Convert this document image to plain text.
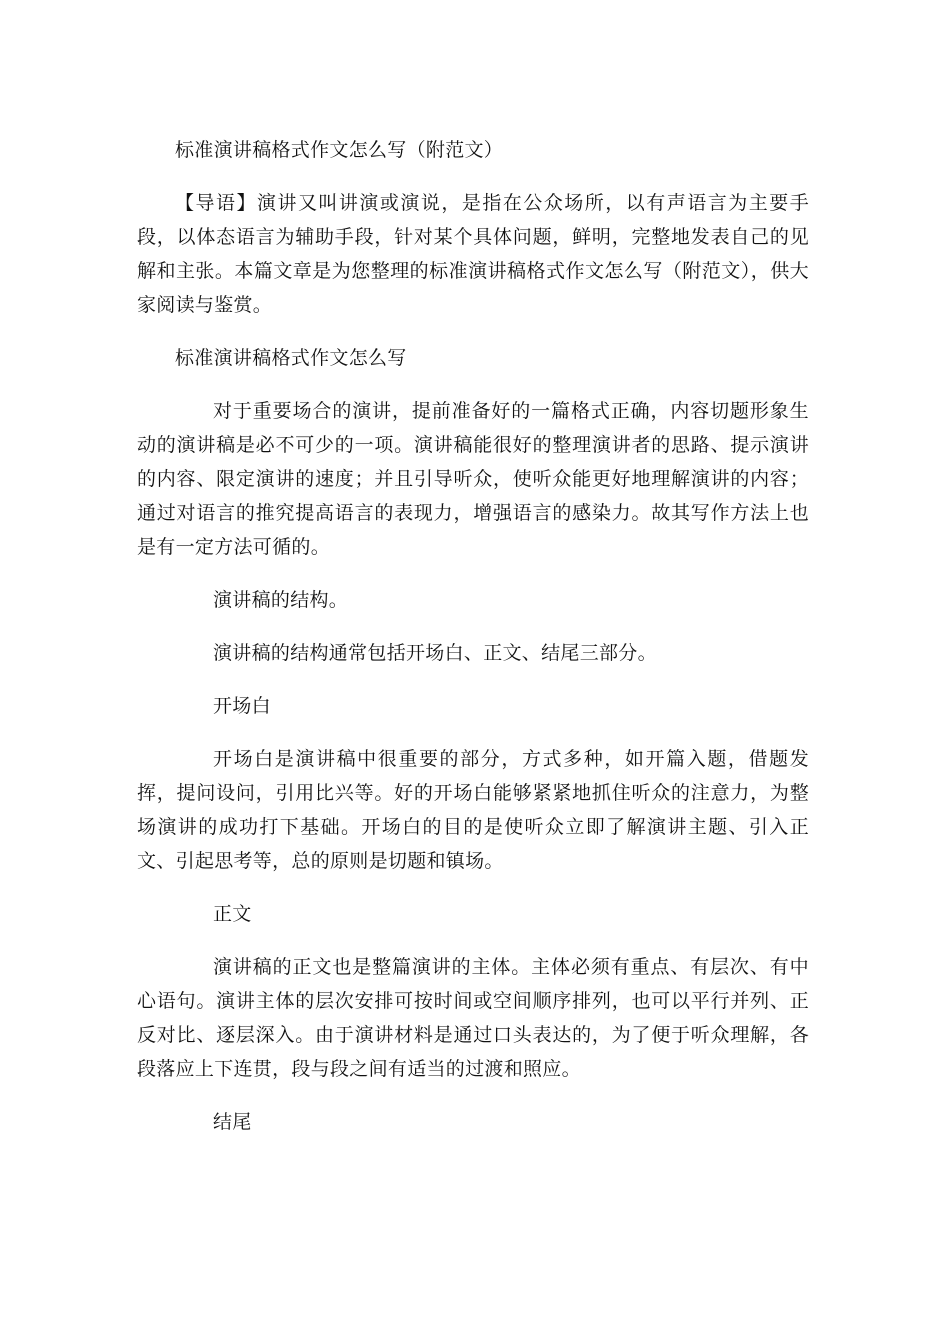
标准演讲稿格式作文怎么写（附范文）

【导语】演讲又叫讲演或演说，是指在公众场所，以有声语言为主要手段，以体态语言为辅助手段，针对某个具体问题，鲜明，完整地发表自己的见解和主张。本篇文章是为您整理的标准演讲稿格式作文怎么写（附范文），供大家阅读与鉴赏。

标准演讲稿格式作文怎么写

对于重要场合的演讲，提前准备好的一篇格式正确，内容切题形象生动的演讲稿是必不可少的一项。演讲稿能很好的整理演讲者的思路、提示演讲的内容、限定演讲的速度；并且引导听众，使听众能更好地理解演讲的内容；通过对语言的推究提高语言的表现力，增强语言的感染力。故其写作方法上也是有一定方法可循的。

演讲稿的结构。

演讲稿的结构通常包括开场白、正文、结尾三部分。

开场白

开场白是演讲稿中很重要的部分，方式多种，如开篇入题，借题发挥，提问设问，引用比兴等。好的开场白能够紧紧地抓住听众的注意力，为整场演讲的成功打下基础。开场白的目的是使听众立即了解演讲主题、引入正文、引起思考等，总的原则是切题和镇场。

正文

演讲稿的正文也是整篇演讲的主体。主体必须有重点、有层次、有中心语句。演讲主体的层次安排可按时间或空间顺序排列，也可以平行并列、正反对比、逐层深入。由于演讲材料是通过口头表达的，为了便于听众理解，各段落应上下连贯，段与段之间有适当的过渡和照应。

结尾
